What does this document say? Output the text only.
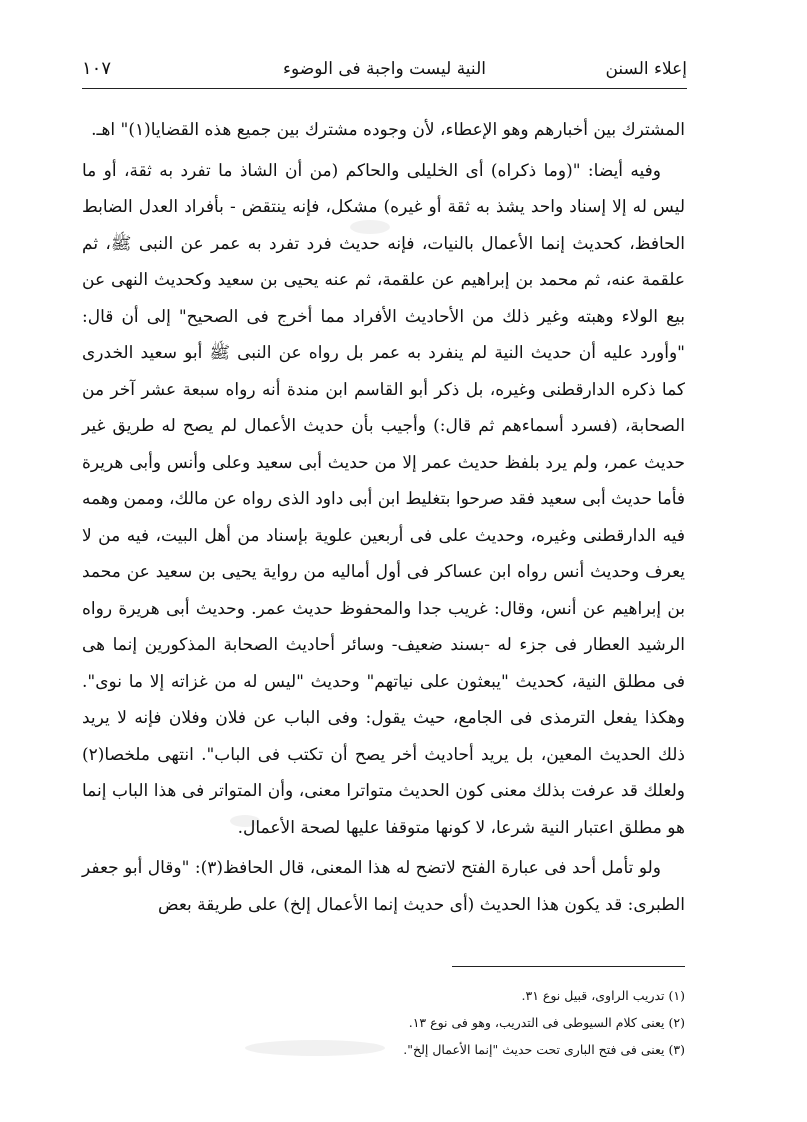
إعلاء السنن
النية ليست واجبة فى الوضوء
١٠٧

المشترك بين أخبارهم وهو الإعطاء، لأن وجوده مشترك بين جميع هذه القضايا(١)" اهـ.

وفيه أيضا: "(وما ذكراه) أى الخليلى والحاكم (من أن الشاذ ما تفرد به ثقة، أو ما ليس له إلا إسناد واحد يشذ به ثقة أو غيره) مشكل، فإنه ينتقض - بأفراد العدل الضابط الحافظ، كحديث إنما الأعمال بالنيات، فإنه حديث فرد تفرد به عمر عن النبى ﷺ، ثم علقمة عنه، ثم محمد بن إبراهيم عن علقمة، ثم عنه يحيى بن سعيد وكحديث النهى عن بيع الولاء وهبته وغير ذلك من الأحاديث الأفراد مما أخرج فى الصحيح" إلى أن قال: "وأورد عليه أن حديث النية لم ينفرد به عمر بل رواه عن النبى ﷺ أبو سعيد الخدرى كما ذكره الدارقطنى وغيره، بل ذكر أبو القاسم ابن مندة أنه رواه سبعة عشر آخر من الصحابة، (فسرد أسماءهم ثم قال:) وأجيب بأن حديث الأعمال لم يصح له طريق غير حديث عمر، ولم يرد بلفظ حديث عمر إلا من حديث أبى سعيد وعلى وأنس وأبى هريرة فأما حديث أبى سعيد فقد صرحوا بتغليط ابن أبى داود الذى رواه عن مالك، وممن وهمه فيه الدارقطنى وغيره، وحديث على فى أربعين علوية بإسناد من أهل البيت، فيه من لا يعرف وحديث أنس رواه ابن عساكر فى أول أماليه من رواية يحيى بن سعيد عن محمد بن إبراهيم عن أنس، وقال: غريب جدا والمحفوظ حديث عمر. وحديث أبى هريرة رواه الرشيد العطار فى جزء له -بسند ضعيف- وسائر أحاديث الصحابة المذكورين إنما هى فى مطلق النية، كحديث "يبعثون على نياتهم" وحديث "ليس له من غزاته إلا ما نوى". وهكذا يفعل الترمذى فى الجامع، حيث يقول: وفى الباب عن فلان وفلان فإنه لا يريد ذلك الحديث المعين، بل يريد أحاديث أخر يصح أن تكتب فى الباب". انتهى ملخصا(٢) ولعلك قد عرفت بذلك معنى كون الحديث متواترا معنى، وأن المتواتر فى هذا الباب إنما هو مطلق اعتبار النية شرعا، لا كونها متوقفا عليها لصحة الأعمال.

ولو تأمل أحد فى عبارة الفتح لاتضح له هذا المعنى، قال الحافظ(٣): "وقال أبو جعفر الطبرى: قد يكون هذا الحديث (أى حديث إنما الأعمال إلخ) على طريقة بعض

(١) تدريب الراوى، قبيل نوع ٣١.

(٢) يعنى كلام السيوطى فى التدريب، وهو فى نوع ١٣.

(٣) يعنى فى فتح البارى تحت حديث "إنما الأعمال إلخ".
